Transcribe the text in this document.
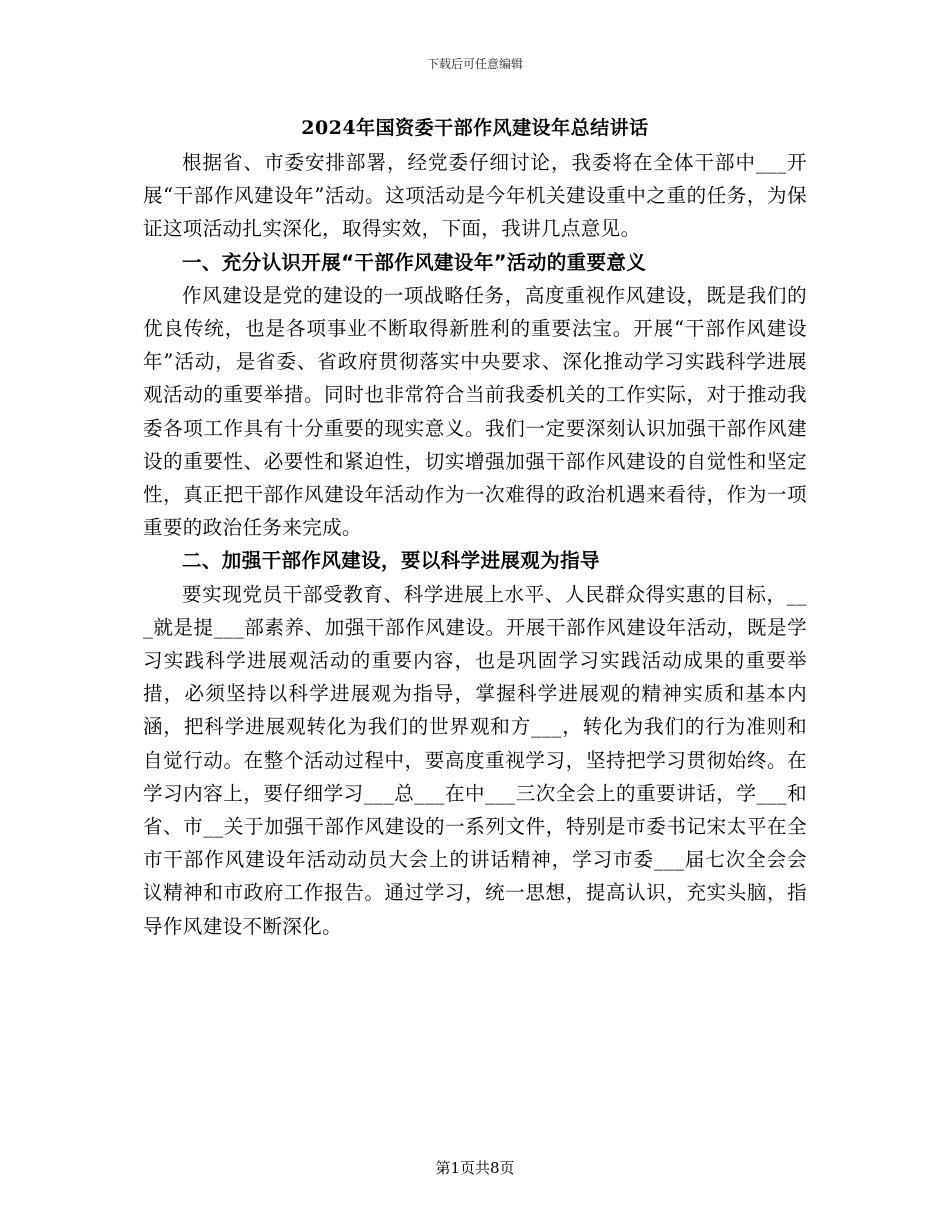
下载后可任意编辑
2024年国资委干部作风建设年总结讲话

根据省、市委安排部署，经党委仔细讨论，我委将在全体干部中___开展“干部作风建设年”活动。这项活动是今年机关建设重中之重的任务，为保证这项活动扎实深化，取得实效，下面，我讲几点意见。

一、充分认识开展“干部作风建设年”活动的重要意义

作风建设是党的建设的一项战略任务，高度重视作风建设，既是我们的优良传统，也是各项事业不断取得新胜利的重要法宝。开展“干部作风建设年”活动，是省委、省政府贯彻落实中央要求、深化推动学习实践科学进展观活动的重要举措。同时也非常符合当前我委机关的工作实际，对于推动我委各项工作具有十分重要的现实意义。我们一定要深刻认识加强干部作风建设的重要性、必要性和紧迫性，切实增强加强干部作风建设的自觉性和坚定性，真正把干部作风建设年活动作为一次难得的政治机遇来看待，作为一项重要的政治任务来完成。

二、加强干部作风建设，要以科学进展观为指导

要实现党员干部受教育、科学进展上水平、人民群众得实惠的目标，___就是提___部素养、加强干部作风建设。开展干部作风建设年活动，既是学习实践科学进展观活动的重要内容，也是巩固学习实践活动成果的重要举措，必须坚持以科学进展观为指导，掌握科学进展观的精神实质和基本内涵，把科学进展观转化为我们的世界观和方___，转化为我们的行为准则和自觉行动。在整个活动过程中，要高度重视学习，坚持把学习贯彻始终。在学习内容上，要仔细学习___总___在中___三次全会上的重要讲话，学___和省、市__关于加强干部作风建设的一系列文件，特别是市委书记宋太平在全市干部作风建设年活动动员大会上的讲话精神，学习市委___届七次全会会议精神和市政府工作报告。通过学习，统一思想，提高认识，充实头脑，指导作风建设不断深化。

第1页共8页
